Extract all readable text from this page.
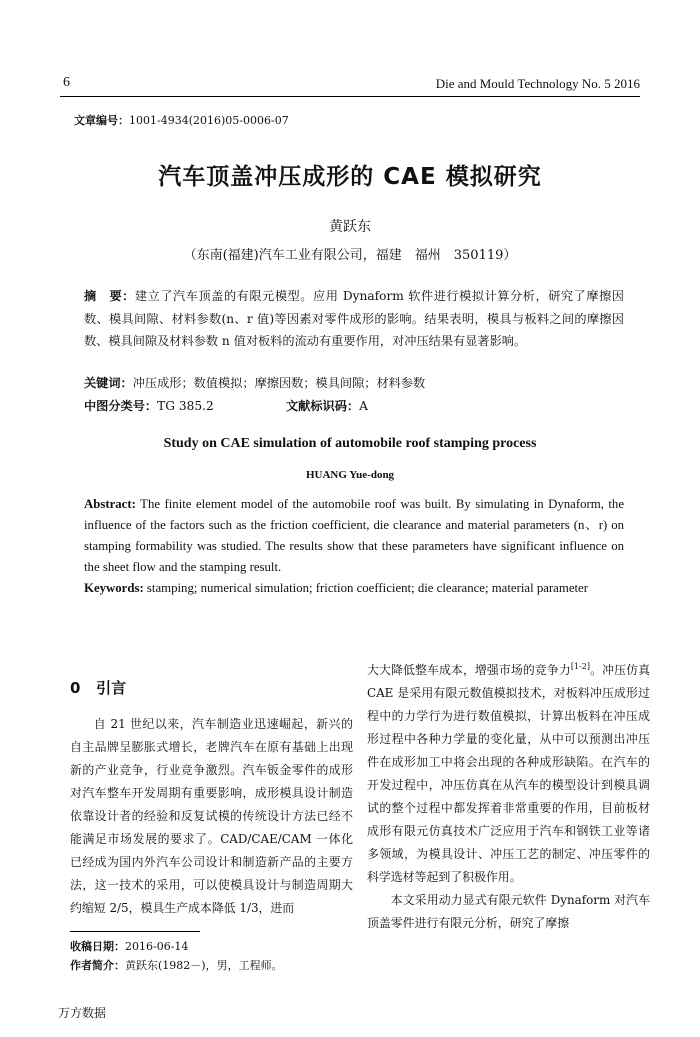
6	Die and Mould Technology No. 5 2016
文章编号：1001-4934(2016)05-0006-07
汽车顶盖冲压成形的 CAE 模拟研究
黄跃东
（东南(福建)汽车工业有限公司，福建　福州　350119）
摘　要：建立了汽车顶盖的有限元模型。应用 Dynaform 软件进行模拟计算分析，研究了摩擦因数、模具间隙、材料参数(n、r 值)等因素对零件成形的影响。结果表明，模具与板料之间的摩擦因数、模具间隙及材料参数 n 值对板料的流动有重要作用，对冲压结果有显著影响。
关键词：冲压成形；数值模拟；摩擦因数；模具间隙；材料参数
中图分类号：TG 385.2	文献标识码：A
Study on CAE simulation of automobile roof stamping process
HUANG Yue-dong
Abstract: The finite element model of the automobile roof was built. By simulating in Dynaform, the influence of the factors such as the friction coefficient, die clearance and material parameters (n、r) on stamping formability was studied. The results show that these parameters have significant influence on the sheet flow and the stamping result.
Keywords: stamping; numerical simulation; friction coefficient; die clearance; material parameter
0 引言
自 21 世纪以来，汽车制造业迅速崛起，新兴的自主品牌呈膨胀式增长，老牌汽车在原有基础上出现新的产业竞争，行业竞争激烈。汽车钣金零件的成形对汽车整车开发周期有重要影响，成形模具设计制造依靠设计者的经验和反复试模的传统设计方法已经不能满足市场发展的要求了。CAD/CAE/CAM 一体化已经成为国内外汽车公司设计和制造新产品的主要方法，这一技术的采用，可以使模具设计与制造周期大约缩短 2/5，模具生产成本降低 1/3，进而
大大降低整车成本，增强市场的竞争力[1-2]。冲压仿真 CAE 是采用有限元数值模拟技术，对板料冲压成形过程中的力学行为进行数值模拟，计算出板料在冲压成形过程中各种力学量的变化量，从中可以预测出冲压件在成形加工中将会出现的各种成形缺陷。在汽车的开发过程中，冲压仿真在从汽车的模型设计到模具调试的整个过程中都发挥着非常重要的作用，目前板材成形有限元仿真技术广泛应用于汽车和钢铁工业等诸多领域，为模具设计、冲压工艺的制定、冲压零件的科学选材等起到了积极作用。
本文采用动力显式有限元软件 Dynaform 对汽车顶盖零件进行有限元分析，研究了摩擦
收稿日期：2016-06-14
作者简介：黄跃东(1982－)，男，工程师。
万方数据
